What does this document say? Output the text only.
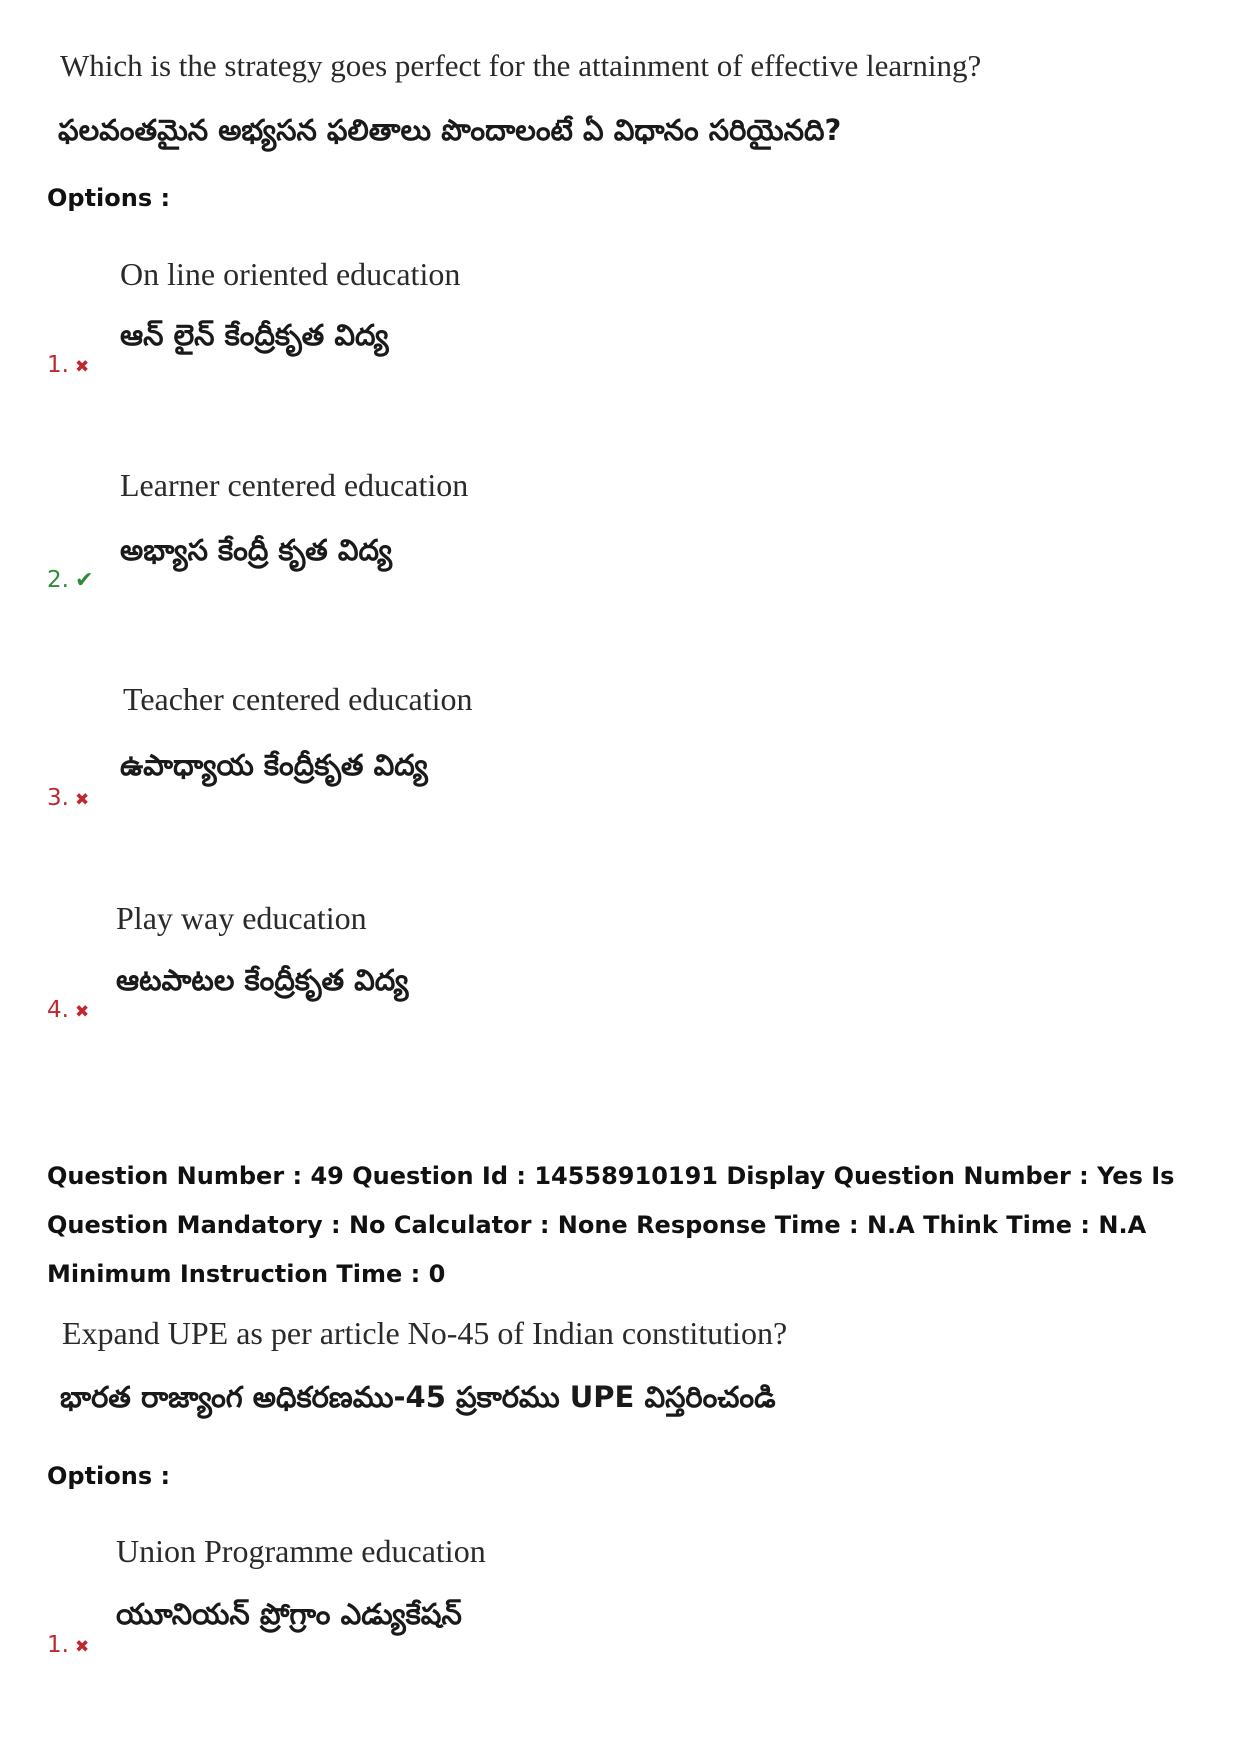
Which is the strategy goes perfect for the attainment of effective learning?
ఫలవంతమైన అభ్యసన ఫలితాలు పొందాలంటే ఏ విధానం సరియైనది?
Options :
On line oriented education
ఆన్ లైన్ కేంద్రీకృత విద్య
1. ✖
Learner centered education
అభ్యాస కేంద్రీ కృత విద్య
2. ✔
Teacher centered education
ఉపాధ్యాయ కేంద్రీకృత విద్య
3. ✖
Play way education
ఆటపాటల కేంద్రీకృత విద్య
4. ✖
Question Number : 49 Question Id : 14558910191 Display Question Number : Yes Is Question Mandatory : No Calculator : None Response Time : N.A Think Time : N.A Minimum Instruction Time : 0
Expand UPE as per article No-45 of Indian constitution?
భారత రాజ్యాంగ అధికరణము-45 ప్రకారము UPE విస్తరించండి
Options :
Union Programme education
యూనియన్ ప్రోగ్రాం ఎడ్యుకేషన్
1. ✖
